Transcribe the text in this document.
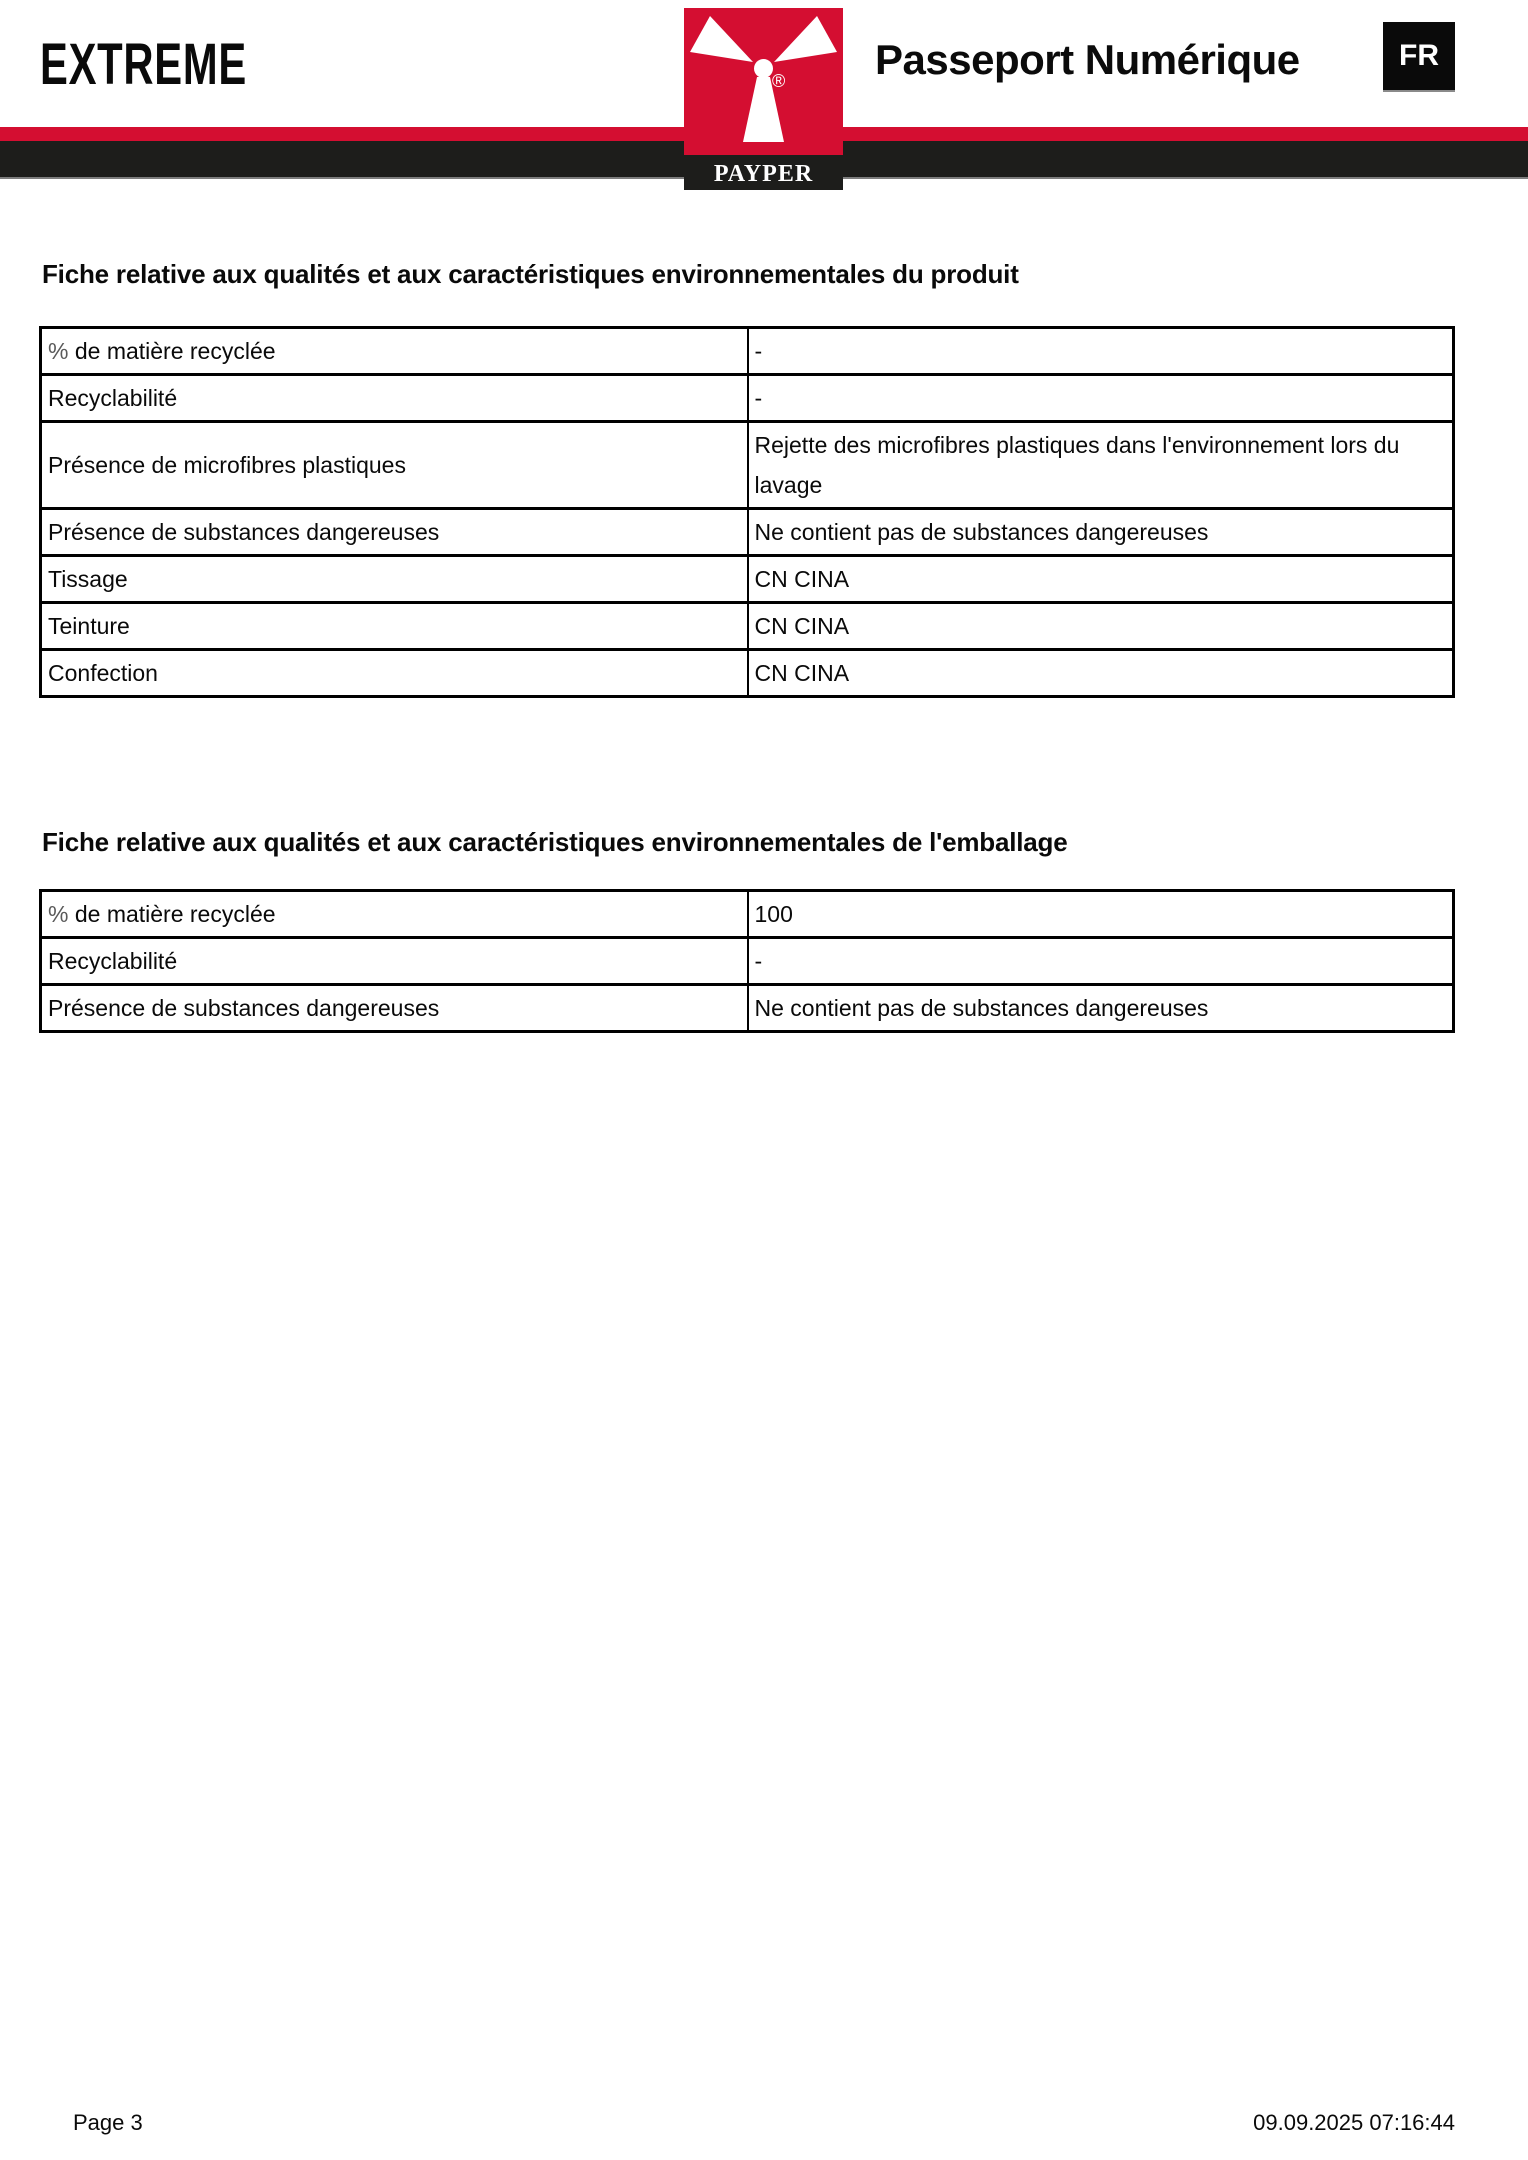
EXTREME	Passeport Numérique	FR
®
PAYPER
Fiche relative aux qualités et aux caractéristiques environnementales du produit
% de matière recyclée	-
Recyclabilité	-
Présence de microfibres plastiques	Rejette des microfibres plastiques dans l'environnement lors du lavage
Présence de substances dangereuses	Ne contient pas de substances dangereuses
Tissage	CN CINA
Teinture	CN CINA
Confection	CN CINA
Fiche relative aux qualités et aux caractéristiques environnementales de l'emballage
% de matière recyclée	100
Recyclabilité	-
Présence de substances dangereuses	Ne contient pas de substances dangereuses
Page 3	09.09.2025 07:16:44
